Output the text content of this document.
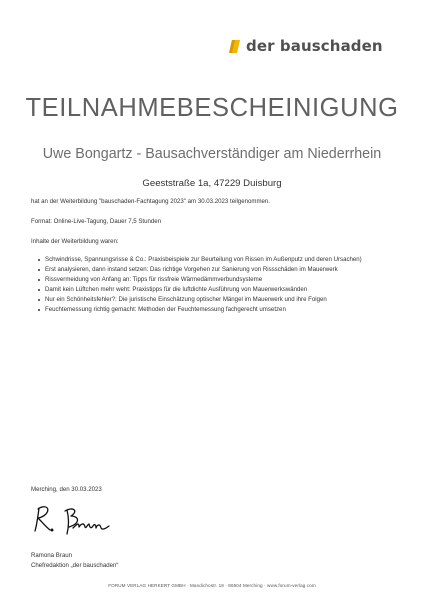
der bauschaden
TEILNAHMEBESCHEINIGUNG
Uwe Bongartz - Bausachverständiger am Niederrhein
Geeststraße 1a, 47229 Duisburg
hat an der Weiterbildung "bauschaden-Fachtagung 2023" am 30.03.2023 teilgenommen.
Format: Online-Live-Tagung, Dauer 7,5 Stunden
Inhalte der Weiterbildung waren:
Schwindrisse, Spannungsrisse & Co.: Praxisbeispiele zur Beurteilung von Rissen im Außenputz und deren Ursachen)
Erst analysieren, dann instand setzen: Das richtige Vorgehen zur Sanierung von Rissschäden im Mauerwerk
Rissvermeidung von Anfang an: Tipps für rissfreie Wärmedämmverbundsysteme
Damit kein Lüftchen mehr weht: Praxistipps für die luftdichte Ausführung von Mauerwerkswänden
Nur ein Schönheitsfehler?: Die juristische Einschätzung optischer Mängel im Mauerwerk und ihre Folgen
Feuchtemessung richtig gemacht: Methoden der Feuchtemessung fachgerecht umsetzen
Merching, den 30.03.2023
Ramona Braun
Chefredaktion „der bauschaden“
FORUM VERLAG HERKERT GMBH · Mandichostr. 18 · 86504 Merching · www.forum-verlag.com
